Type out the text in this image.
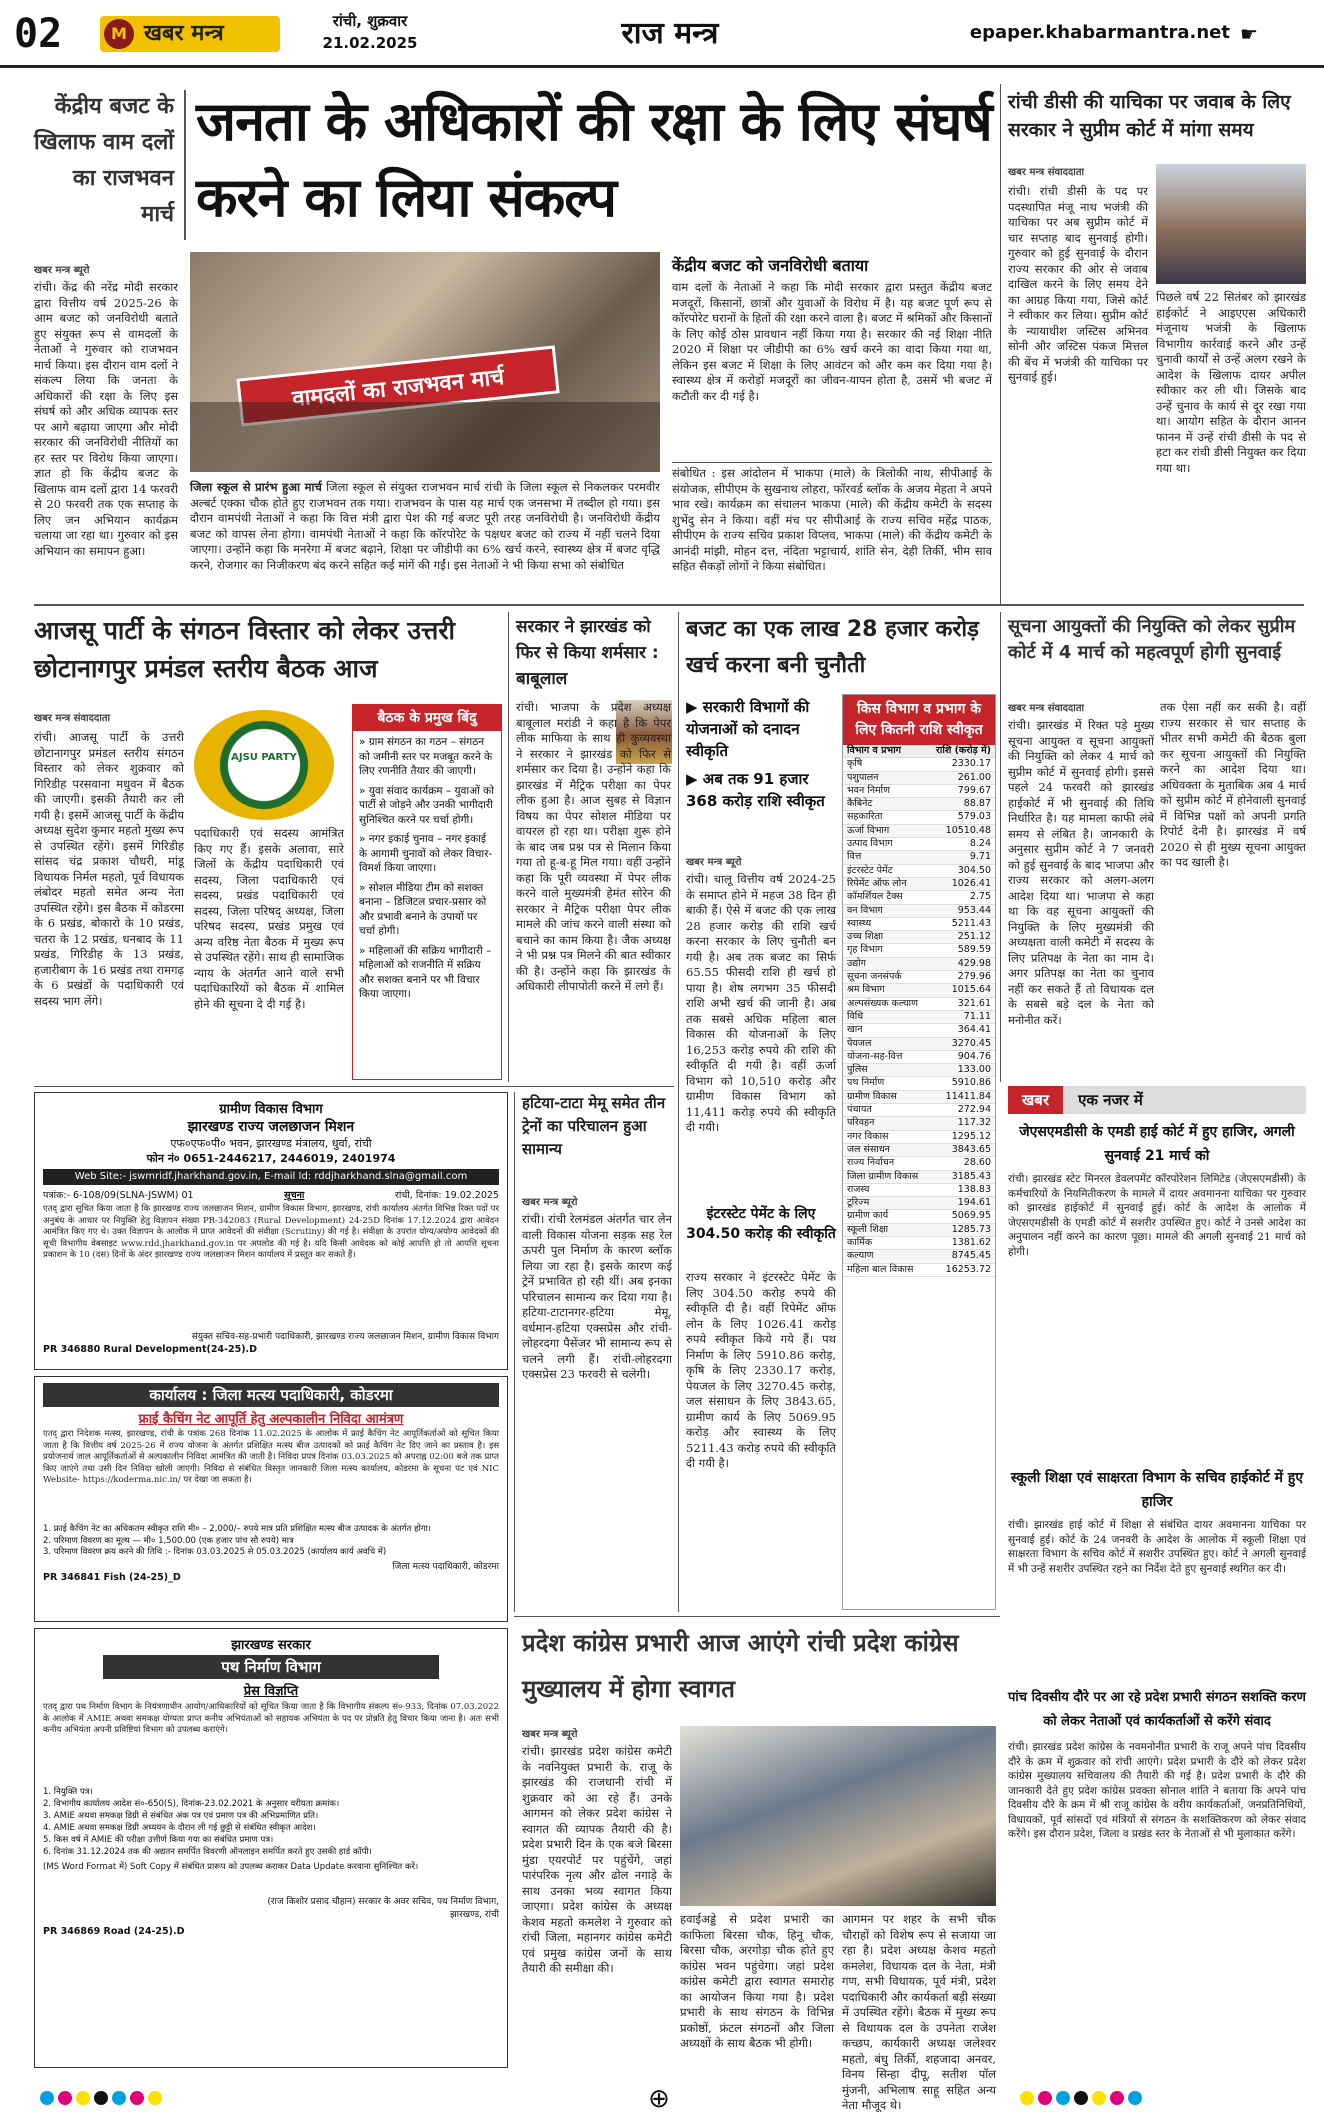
02	खबर मन्त्र
M
रांची, शुक्रवार
21.02.2025	राज मन्त्र	epaper.khabarmantra.net ☛
केंद्रीय बजट के खिलाफ वाम दलों का राजभवन मार्च
जनता के अधिकारों की रक्षा के लिए संघर्ष करने का लिया संकल्प
खबर मन्त्र ब्यूरो
रांची। केंद्र की नरेंद्र मोदी सरकार द्वारा वित्तीय वर्ष 2025-26 के आम बजट को जनविरोधी बताते हुए संयुक्त रूप से वामदलों के नेताओं ने गुरुवार को राजभवन मार्च किया। इस दौरान वाम दलों ने संकल्प लिया कि जनता के अधिकारों की रक्षा के लिए इस संघर्ष को और अधिक व्यापक स्तर पर आगे बढ़ाया जाएगा और मोदी सरकार की जनविरोधी नीतियों का हर स्तर पर विरोध किया जाएगा। ज्ञात हो कि केंद्रीय बजट के खिलाफ वाम दलों द्वारा 14 फरवरी से 20 फरवरी तक एक सप्ताह के लिए जन अभियान कार्यक्रम चलाया जा रहा था। गुरुवार को इस अभियान का समापन हुआ।
वामदलों का राजभवन मार्च
जिला स्कूल से प्रारंभ हुआ मार्च जिला स्कूल से संयुक्त राजभवन मार्च रांची के जिला स्कूल से निकलकर परमवीर अल्बर्ट एक्का चौक होते हुए राजभवन तक गया। राजभवन के पास यह मार्च एक जनसभा में तब्दील हो गया। इस दौरान वामपंथी नेताओं ने कहा कि वित्त मंत्री द्वारा पेश की गई बजट पूरी तरह जनविरोधी है। जनविरोधी केंद्रीय बजट को वापस लेना होगा। वामपंथी नेताओं ने कहा कि कॉरपोरेट के पक्षधर बजट को राज्य में नहीं चलने दिया जाएगा। उन्होंने कहा कि मनरेगा में बजट बढ़ाने, शिक्षा पर जीडीपी का 6% खर्च करने, स्वास्थ्य क्षेत्र में बजट वृद्धि करने, रोजगार का निजीकरण बंद करने सहित कई मांगें की गईं। इस नेताओं ने भी किया सभा को संबोधित
केंद्रीय बजट को जनविरोधी बताया
वाम दलों के नेताओं ने कहा कि मोदी सरकार द्वारा प्रस्तुत केंद्रीय बजट मजदूरों, किसानों, छात्रों और युवाओं के विरोध में है। यह बजट पूर्ण रूप से कॉरपोरेट घरानों के हितों की रक्षा करने वाला है। बजट में श्रमिकों और किसानों के लिए कोई ठोस प्रावधान नहीं किया गया है। सरकार की नई शिक्षा नीति 2020 में शिक्षा पर जीडीपी का 6% खर्च करने का वादा किया गया था, लेकिन इस बजट में शिक्षा के लिए आवंटन को और कम कर दिया गया है। स्वास्थ्य क्षेत्र में करोड़ों मजदूरों का जीवन-यापन होता है, उसमें भी बजट में कटौती कर दी गई है।
संबोधित : इस आंदोलन में भाकपा (माले) के त्रिलोकी नाथ, सीपीआई के संयोजक, सीपीएम के सुखनाथ लोहरा, फॉरवर्ड ब्लॉक के अजय मेहता ने अपने भाव रखे। कार्यक्रम का संचालन भाकपा (माले) की केंद्रीय कमेटी के सदस्य शुभेंदु सेन ने किया। वहीं मंच पर सीपीआई के राज्य सचिव महेंद्र पाठक, सीपीएम के राज्य सचिव प्रकाश विप्लव, भाकपा (माले) की केंद्रीय कमेटी के आनंदी मांझी, मोहन दत्त, नंदिता भट्टाचार्य, शांति सेन, देही तिर्की, भीम साव सहित सैकड़ों लोगों ने किया संबोधित।
रांची डीसी की याचिका पर जवाब के लिए सरकार ने सुप्रीम कोर्ट में मांगा समय
खबर मन्त्र संवाददाता
रांची। रांची डीसी के पद पर पदस्थापित मंजू नाथ भजंत्री की याचिका पर अब सुप्रीम कोर्ट में चार सप्ताह बाद सुनवाई होगी। गुरुवार को हुई सुनवाई के दौरान राज्य सरकार की ओर से जवाब दाखिल करने के लिए समय देने का आग्रह किया गया, जिसे कोर्ट ने स्वीकार कर लिया। सुप्रीम कोर्ट के न्यायाधीश जस्टिस अभिनव सोनी और जस्टिस पंकज मित्तल की बेंच में भजंत्री की याचिका पर सुनवाई हुई।
पिछले वर्ष 22 सितंबर को झारखंड हाईकोर्ट ने आइएएस अधिकारी मंजूनाथ भजंत्री के खिलाफ विभागीय कार्रवाई करने और उन्हें चुनावी कार्यों से उन्हें अलग रखने के आदेश के खिलाफ दायर अपील स्वीकार कर ली थी। जिसके बाद उन्हें चुनाव के कार्य से दूर रखा गया था। आयोग सहित के दौरान आनन फानन में उन्हें रांची डीसी के पद से हटा कर रांची डीसी नियुक्त कर दिया गया था।
आजसू पार्टी के संगठन विस्तार को लेकर उत्तरी छोटानागपुर प्रमंडल स्तरीय बैठक आज
खबर मन्त्र संवाददाता
रांची। आजसू पार्टी के उत्तरी छोटानागपुर प्रमंडल स्तरीय संगठन विस्तार को लेकर शुक्रवार को गिरिडीह परसवाना मधुवन में बैठक की जाएगी। इसकी तैयारी कर ली गयी है। इसमें आजसू पार्टी के केंद्रीय अध्यक्ष सुदेश कुमार महतो मुख्य रूप से उपस्थित रहेंगे। इसमें गिरिडीह सांसद चंद्र प्रकाश चौधरी, मांडू विधायक निर्मल महतो, पूर्व विधायक लंबोदर महतो समेत अन्य नेता उपस्थित रहेंगे। इस बैठक में कोडरमा के 6 प्रखंड, बोकारो के 10 प्रखंड, चतरा के 12 प्रखंड, धनबाद के 11 प्रखंड, गिरिडीह के 13 प्रखंड, हजारीबाग के 16 प्रखंड तथा रामगढ़ के 6 प्रखंडों के पदाधिकारी एवं सदस्य भाग लेंगे।
AJSU PARTY
पदाधिकारी एवं सदस्य आमंत्रित किए गए हैं। इसके अलावा, सारे जिलों के केंद्रीय पदाधिकारी एवं सदस्य, जिला पदाधिकारी एवं सदस्य, प्रखंड पदाधिकारी एवं सदस्य, जिला परिषद् अध्यक्ष, जिला परिषद सदस्य, प्रखंड प्रमुख एवं अन्य वरिष्ठ नेता बैठक में मुख्य रूप से उपस्थित रहेंगे। साथ ही सामाजिक न्याय के अंतर्गत आने वाले सभी पदाधिकारियों को बैठक में शामिल होने की सूचना दे दी गई है।
बैठक के प्रमुख बिंदु
» ग्राम संगठन का गठन – संगठन को जमीनी स्तर पर मजबूत करने के लिए रणनीति तैयार की जाएगी।
» युवा संवाद कार्यक्रम – युवाओं को पार्टी से जोड़ने और उनकी भागीदारी सुनिश्चित करने पर चर्चा होगी।
» नगर इकाई चुनाव – नगर इकाई के आगामी चुनावों को लेकर विचार-विमर्श किया जाएगा।
» सोशल मीडिया टीम को सशक्त बनाना – डिजिटल प्रचार-प्रसार को और प्रभावी बनाने के उपायों पर चर्चा होगी।
» महिलाओं की सक्रिय भागीदारी – महिलाओं को राजनीति में सक्रिय और सशक्त बनाने पर भी विचार किया जाएगा।
सरकार ने झारखंड को फिर से किया शर्मसार : बाबूलाल
रांची। भाजपा के प्रदेश अध्यक्ष बाबूलाल मरांडी ने कहा है कि पेपर लीक माफिया के साथ ही कुव्यवस्था ने सरकार ने झारखंड को फिर से शर्मसार कर दिया है। उन्होंने कहा कि झारखंड में मैट्रिक परीक्षा का पेपर लीक हुआ है। आज सुबह से विज्ञान विषय का पेपर सोशल मीडिया पर वायरल हो रहा था। परीक्षा शुरू होने के बाद जब प्रश्न पत्र से मिलान किया गया तो हू-ब-हू मिल गया। वहीं उन्होंने कहा कि पूरी व्यवस्था में पेपर लीक करने वाले मुख्यमंत्री हेमंत सोरेन की सरकार ने मैट्रिक परीक्षा पेपर लीक मामले की जांच करने वाली संस्था को बचाने का काम किया है। जैक अध्यक्ष ने भी प्रश्न पत्र मिलने की बात स्वीकार की है। उन्होंने कहा कि झारखंड के अधिकारी लीपापोती करने में लगे हैं।
बजट का एक लाख 28 हजार करोड़ खर्च करना बनी चुनौती
▶ सरकारी विभागों की योजनाओं को दनादन स्वीकृति
▶ अब तक 91 हजार 368 करोड़ राशि स्वीकृत
खबर मन्त्र ब्यूरो
रांची। चालू वित्तीय वर्ष 2024-25 के समाप्त होने में महज 38 दिन ही बाकी हैं। ऐसे में बजट की एक लाख 28 हजार करोड़ की राशि खर्च करना सरकार के लिए चुनौती बन गयी है। अब तक बजट का सिर्फ 65.55 फीसदी राशि ही खर्च हो पाया है। शेष लगभग 35 फीसदी राशि अभी खर्च की जानी है। अब तक सबसे अधिक महिला बाल विकास की योजनाओं के लिए 16,253 करोड़ रुपये की राशि की स्वीकृति दी गयी है। वहीं ऊर्जा विभाग को 10,510 करोड़ और ग्रामीण विकास विभाग को 11,411 करोड़ रुपये की स्वीकृति दी गयी।
इंटरस्टेट पेमेंट के लिए 304.50 करोड़ की स्वीकृति
राज्य सरकार ने इंटरस्टेट पेमेंट के लिए 304.50 करोड़ रुपये की स्वीकृति दी है। वहीं रिपेमेंट ऑफ लोन के लिए 1026.41 करोड़ रुपये स्वीकृत किये गये हैं। पथ निर्माण के लिए 5910.86 करोड़, कृषि के लिए 2330.17 करोड़, पेयजल के लिए 3270.45 करोड़, जल संसाधन के लिए 3843.65, ग्रामीण कार्य के लिए 5069.95 करोड़ और स्वास्थ्य के लिए 5211.43 करोड़ रुपये की स्वीकृति दी गयी है।
किस विभाग व प्रभाग के लिए कितनी राशि स्वीकृत
विभाग व प्रभाग	राशि (करोड़ में)
कृषि	2330.17
पशुपालन	261.00
भवन निर्माण	799.67
कैबिनेट	88.87
सहकारिता	579.03
ऊर्जा विभाग	10510.48
उत्पाद विभाग	8.24
वित्त	9.71
इंटरस्टेट पेमेंट	304.50
रिपेमेंट ऑफ लोन	1026.41
कॉमर्शियल टैक्स	2.75
वन विभाग	953.44
स्वास्थ्य	5211.43
उच्च शिक्षा	251.12
गृह विभाग	589.59
उद्योग	429.98
सूचना जनसंपर्क	279.96
श्रम विभाग	1015.64
अल्पसंख्यक कल्याण	321.61
विधि	71.11
खान	364.41
पेयजल	3270.45
योजना-सह-वित्त	904.76
पुलिस	133.00
पथ निर्माण	5910.86
ग्रामीण विकास	11411.84
पंचायत	272.94
परिवहन	117.32
नगर विकास	1295.12
जल संसाधन	3843.65
राज्य निर्वाचन	28.60
जिला ग्रामीण विकास	3185.43
राजस्व	138.83
टूरिज्म	194.61
ग्रामीण कार्य	5069.95
स्कूली शिक्षा	1285.73
कार्मिक	1381.62
कल्याण	8745.45
महिला बाल विकास	16253.72
सूचना आयुक्तों की नियुक्ति को लेकर सुप्रीम कोर्ट में 4 मार्च को महत्वपूर्ण होगी सुनवाई
खबर मन्त्र संवाददाता
रांची। झारखंड में रिक्त पड़े मुख्य सूचना आयुक्त व सूचना आयुक्तों की नियुक्ति को लेकर 4 मार्च को सुप्रीम कोर्ट में सुनवाई होगी। इससे पहले 24 फरवरी को झारखंड हाईकोर्ट में भी सुनवाई की तिथि निर्धारित है। यह मामला काफी लंबे समय से लंबित है। जानकारी के अनुसार सुप्रीम कोर्ट ने 7 जनवरी को हुई सुनवाई के बाद भाजपा और राज्य सरकार को अलग-अलग आदेश दिया था। भाजपा से कहा था कि वह सूचना आयुक्तों की नियुक्ति के लिए मुख्यमंत्री की अध्यक्षता वाली कमेटी में सदस्य के लिए प्रतिपक्ष के नेता का नाम दे। अगर प्रतिपक्ष का नेता का चुनाव नहीं कर सकते हैं तो विधायक दल के सबसे बड़े दल के नेता को मनोनीत करें।
तक ऐसा नहीं कर सकी है। वहीं राज्य सरकार से चार सप्ताह के भीतर सभी कमेटी की बैठक बुला कर सूचना आयुक्तों की नियुक्ति करने का आदेश दिया था। अधिवक्ता के मुताबिक अब 4 मार्च को सुप्रीम कोर्ट में होनेवाली सुनवाई में विभिन्न पक्षों को अपनी प्रगति रिपोर्ट देनी है। झारखंड में वर्ष 2020 से ही मुख्य सूचना आयुक्त का पद खाली है।
ग्रामीण विकास विभाग
झारखण्ड राज्य जलछाजन मिशन
एफ०एफ०पी० भवन, झारखण्ड मंत्रालय, धुर्वा, रांची
फोन नं० 0651-2446217, 2446019, 2401974
Web Site:- jswmridf.jharkhand.gov.in, E-mail Id: rddjharkhand.slna@gmail.com
पत्रांक:- 6-108/09(SLNA-JSWM) 01	सूचना	रांची, दिनांक: 19.02.2025
एतद् द्वारा सूचित किया जाता है कि झारखण्ड राज्य जलछाजन मिशन, ग्रामीण विकास विभाग, झारखण्ड, रांची कार्यालय अंतर्गत विभिन्न रिक्त पदों पर अनुबंध के आधार पर नियुक्ति हेतु विज्ञापन संख्या PR-342083 (Rural Development) 24-25D दिनांक 17.12.2024 द्वारा आवेदन आमंत्रित किए गए थे। उक्त विज्ञापन के आलोक में प्राप्त आवेदनों की संवीक्षा (Scrutiny) की गई है। संवीक्षा के उपरांत योग्य/अयोग्य आवेदकों की सूची विभागीय वेबसाइट www.rdd.jharkhand.gov.in पर अपलोड की गई है। यदि किसी आवेदक को कोई आपत्ति हो तो आपत्ति सूचना प्रकाशन के 10 (दस) दिनों के अंदर झारखण्ड राज्य जलछाजन मिशन कार्यालय में प्रस्तुत कर सकते हैं।
संयुक्त सचिव-सह-प्रभारी पदाधिकारी, झारखण्ड राज्य जलछाजन मिशन, ग्रामीण विकास विभाग
PR 346880 Rural Development(24-25).D
कार्यालय : जिला मत्स्य पदाधिकारी, कोडरमा
फ्राई कैचिंग नेट आपूर्ति हेतु अल्पकालीन निविदा आमंत्रण
एतद् द्वारा निदेशक मत्स्य, झारखण्ड, रांची के पत्रांक 268 दिनांक 11.02.2025 के आलोक में फ्राई कैचिंग नेट आपूर्तिकर्ताओं को सूचित किया जाता है कि वित्तीय वर्ष 2025-26 में राज्य योजना के अंतर्गत प्रशिक्षित मत्स्य बीज उत्पादकों को फ्राई कैचिंग नेट दिए जाने का प्रस्ताव है। इस प्रयोजनार्थ जाल आपूर्तिकर्ताओं से अल्पकालीन निविदा आमंत्रित की जाती है। निविदा प्रपत्र दिनांक 03.03.2025 को अपराह्न 02:00 बजे तक प्राप्त किए जाएंगे तथा उसी दिन निविदा खोली जाएगी। निविदा से संबंधित विस्तृत जानकारी जिला मत्स्य कार्यालय, कोडरमा के सूचना पट एवं NIC Website- https://koderma.nic.in/ पर देखा जा सकता है।
1. फ्राई कैचिंग नेट का अधिकतम स्वीकृत राशि मी० – 2,000/– रुपये मात्र प्रति प्रशिक्षित मत्स्य बीज उत्पादक के अंतर्गत होगा।
2. परिमाण विवरण का मूल्य — मी० 1,500.00 (एक हजार पांच सौ रुपये) मात्र
3. परिमाण विवरण क्रय करने की तिथि :- दिनांक 03.03.2025 से 05.03.2025 (कार्यालय कार्य अवधि में)
जिला मत्स्य पदाधिकारी, कोडरमा
PR 346841 Fish (24-25)_D
झारखण्ड सरकार
पथ निर्माण विभाग
प्रेस विज्ञप्ति
एतद् द्वारा पथ निर्माण विभाग के नियंत्रणाधीन आयोग/आधिकारियों को सूचित किया जाता है कि विभागीय संकल्प सं०-933, दिनांक 07.03.2022 के आलोक में AMIE अथवा समकक्ष योग्यता प्राप्त कनीय अभियंताओं को सहायक अभियंता के पद पर प्रोन्नति हेतु विचार किया जाना है। अतः सभी कनीय अभियंता अपनी प्रविष्टियां विभाग को उपलब्ध कराएंगे।
1. नियुक्ति पत्र।
2. विभागीय कार्यालय आदेश सं०-650(S), दिनांक-23.02.2021 के अनुसार वरीयता क्रमांक।
3. AMIE अथवा समकक्ष डिग्री से संबंधित अंक पत्र एवं प्रमाण पत्र की अभिप्रमाणित प्रति।
4. AMIE अथवा समकक्ष डिग्री अध्ययन के दौरान ली गई छुट्टी से संबंधित स्वीकृत आदेश।
5. किस वर्ष में AMIE की परीक्षा उत्तीर्ण किया गया का संबंधित प्रमाण पत्र।
6. दिनांक 31.12.2024 तक की अद्यतन समर्पित विवरणी ऑनलाइन समर्पित करते हुए उसकी हार्ड कॉपी।
(MS Word Format में) Soft Copy में संबंधित प्रारूप को उपलब्ध कराकर Data Update करवाना सुनिश्चित करें।
(राज किशोर प्रसाद चौहान) सरकार के अवर सचिव, पथ निर्माण विभाग, झारखण्ड, रांची
PR 346869 Road (24-25).D
हटिया-टाटा मेमू समेत तीन ट्रेनों का परिचालन हुआ सामान्य
खबर मन्त्र ब्यूरो
रांची। रांची रेलमंडल अंतर्गत चार लेन वाली विकास योजना सड़क सह रेल ऊपरी पुल निर्माण के कारण ब्लॉक लिया जा रहा है। इसके कारण कई ट्रेनें प्रभावित हो रही थीं। अब इनका परिचालन सामान्य कर दिया गया है। हटिया-टाटानगर-हटिया मेमू, वर्धमान-हटिया एक्सप्रेस और रांची-लोहरदगा पैसेंजर भी सामान्य रूप से चलने लगी हैं। रांची-लोहरदगा एक्सप्रेस 23 फरवरी से चलेगी।
प्रदेश कांग्रेस प्रभारी आज आएंगे रांची प्रदेश कांग्रेस मुख्यालय में होगा स्वागत
खबर मन्त्र ब्यूरो
रांची। झारखंड प्रदेश कांग्रेस कमेटी के नवनियुक्त प्रभारी के. राजू के झारखंड की राजधानी रांची में शुक्रवार को आ रहे हैं। उनके आगमन को लेकर प्रदेश कांग्रेस ने स्वागत की व्यापक तैयारी की है। प्रदेश प्रभारी दिन के एक बजे बिरसा मुंडा एयरपोर्ट पर पहुंचेंगे, जहां पारंपरिक नृत्य और ढोल नगाड़े के साथ उनका भव्य स्वागत किया जाएगा। प्रदेश कांग्रेस के अध्यक्ष केशव महतो कमलेश ने गुरुवार को रांची जिला, महानगर कांग्रेस कमेटी एवं प्रमुख कांग्रेस जनों के साथ तैयारी की समीक्षा की।
हवाईअड्डे से प्रदेश प्रभारी का काफिला बिरसा चौक, हिनू चौक, बिरसा चौक, अरगोड़ा चौक होते हुए कांग्रेस भवन पहुंचेगा। जहां प्रदेश कांग्रेस कमेटी द्वारा स्वागत समारोह का आयोजन किया गया है। प्रदेश प्रभारी के साथ संगठन के विभिन्न प्रकोष्ठों, फ्रंटल संगठनों और जिला अध्यक्षों के साथ बैठक भी होगी।
आगमन पर शहर के सभी चौक चौराहों को विशेष रूप से सजाया जा रहा है। प्रदेश अध्यक्ष केशव महतो कमलेश, विधायक दल के नेता, मंत्री गण, सभी विधायक, पूर्व मंत्री, प्रदेश पदाधिकारी और कार्यकर्ता बड़ी संख्या में उपस्थित रहेंगे। बैठक में मुख्य रूप से विधायक दल के उपनेता राजेश कच्छप, कार्यकारी अध्यक्ष जलेश्वर महतो, बंधु तिर्की, शहजादा अनवर, विनय सिन्हा दीपू, सतीश पॉल मुंजनी, अभिलाष साहू सहित अन्य नेता मौजूद थे।
खबर एक नजर में
जेएसएमडीसी के एमडी हाई कोर्ट में हुए हाजिर, अगली सुनवाई 21 मार्च को
रांची। झारखंड स्टेट मिनरल डेवलपमेंट कॉरपोरेशन लिमिटेड (जेएसएमडीसी) के कर्मचारियों के नियमितीकरण के मामले में दायर अवमानना याचिका पर गुरुवार को झारखंड हाईकोर्ट में सुनवाई हुई। कोर्ट के आदेश के आलोक में जेएसएमडीसी के एमडी कोर्ट में सशरीर उपस्थित हुए। कोर्ट ने उनसे आदेश का अनुपालन नहीं करने का कारण पूछा। मामले की अगली सुनवाई 21 मार्च को होगी।
स्कूली शिक्षा एवं साक्षरता विभाग के सचिव हाईकोर्ट में हुए हाजिर
रांची। झारखंड हाई कोर्ट में शिक्षा से संबंधित दायर अवमानना याचिका पर सुनवाई हुई। कोर्ट के 24 जनवरी के आदेश के आलोक में स्कूली शिक्षा एवं साक्षरता विभाग के सचिव कोर्ट में सशरीर उपस्थित हुए। कोर्ट ने अगली सुनवाई में भी उन्हें सशरीर उपस्थित रहने का निर्देश देते हुए सुनवाई स्थगित कर दी।
पांच दिवसीय दौरे पर आ रहे प्रदेश प्रभारी संगठन सशक्ति करण को लेकर नेताओं एवं कार्यकर्ताओं से करेंगे संवाद
रांची। झारखंड प्रदेश कांग्रेस के नवमनोनीत प्रभारी के राजू अपने पांच दिवसीय दौरे के क्रम में शुक्रवार को रांची आएंगे। प्रदेश प्रभारी के दौरे को लेकर प्रदेश कांग्रेस मुख्यालय सचिवालय की तैयारी की गई है। प्रदेश प्रभारी के दौरे की जानकारी देते हुए प्रदेश कांग्रेस प्रवक्ता सोनाल शांति ने बताया कि अपने पांच दिवसीय दौरे के क्रम में श्री राजू कांग्रेस के वरीय कार्यकर्ताओं, जनप्रतिनिधियों, विधायकों, पूर्व सांसदों एवं मंत्रियों से संगठन के सशक्तिकरण को लेकर संवाद करेंगे। इस दौरान प्रदेश, जिला व प्रखंड स्तर के नेताओं से भी मुलाकात करेंगे।
⊕
